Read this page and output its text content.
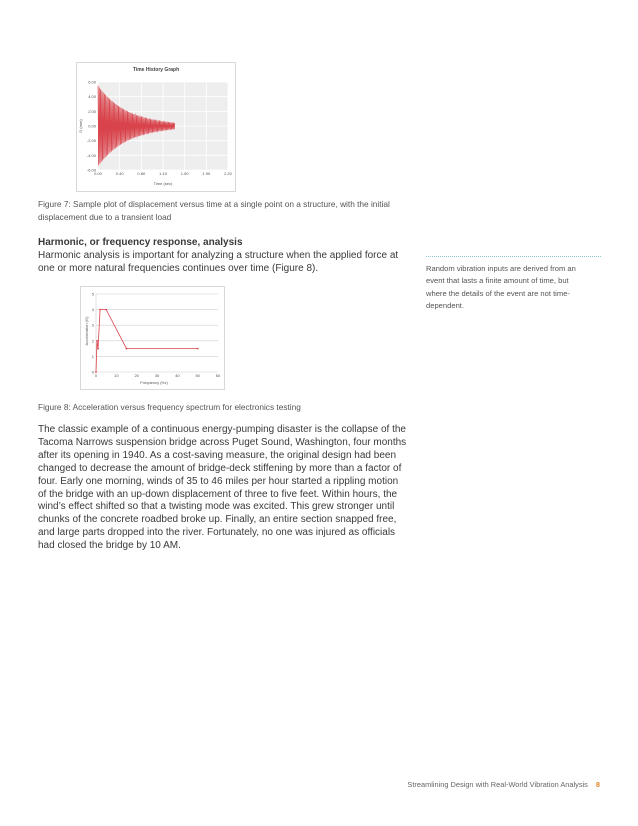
Time History Graph
6.00
4.00
2.00
0.00
-2.00
-4.00
-6.00
0.00	0.40	0.80	1.10	1.50	1.90	2.20
D (mm)
Time (sec)
Figure 7: Sample plot of displacement versus time at a single point on a structure, with the initial displacement due to a transient load
Harmonic, or frequency response, analysis
Harmonic analysis is important for analyzing a structure when the applied force at
one or more natural frequencies continues over time (Figure 8).
5
4
3
2
1
0
0	10	20	30	40	50	60
Acceleration (G)
Frequency (Hz)
Figure 8: Acceleration versus frequency spectrum for electronics testing
The classic example of a continuous energy-pumping disaster is the collapse of the
Tacoma Narrows suspension bridge across Puget Sound, Washington, four months
after its opening in 1940. As a cost-saving measure, the original design had been
changed to decrease the amount of bridge-deck stiffening by more than a factor of
four. Early one morning, winds of 35 to 46 miles per hour started a rippling motion
of the bridge with an up-down displacement of three to five feet. Within hours, the
wind’s effect shifted so that a twisting mode was excited. This grew stronger until
chunks of the concrete roadbed broke up. Finally, an entire section snapped free,
and large parts dropped into the river. Fortunately, no one was injured as officials
had closed the bridge by 10 AM.
Random vibration inputs are derived from an
event that lasts a finite amount of time, but
where the details of the event are not time-
dependent.
Streamlining Design with Real-World Vibration Analysis 8
